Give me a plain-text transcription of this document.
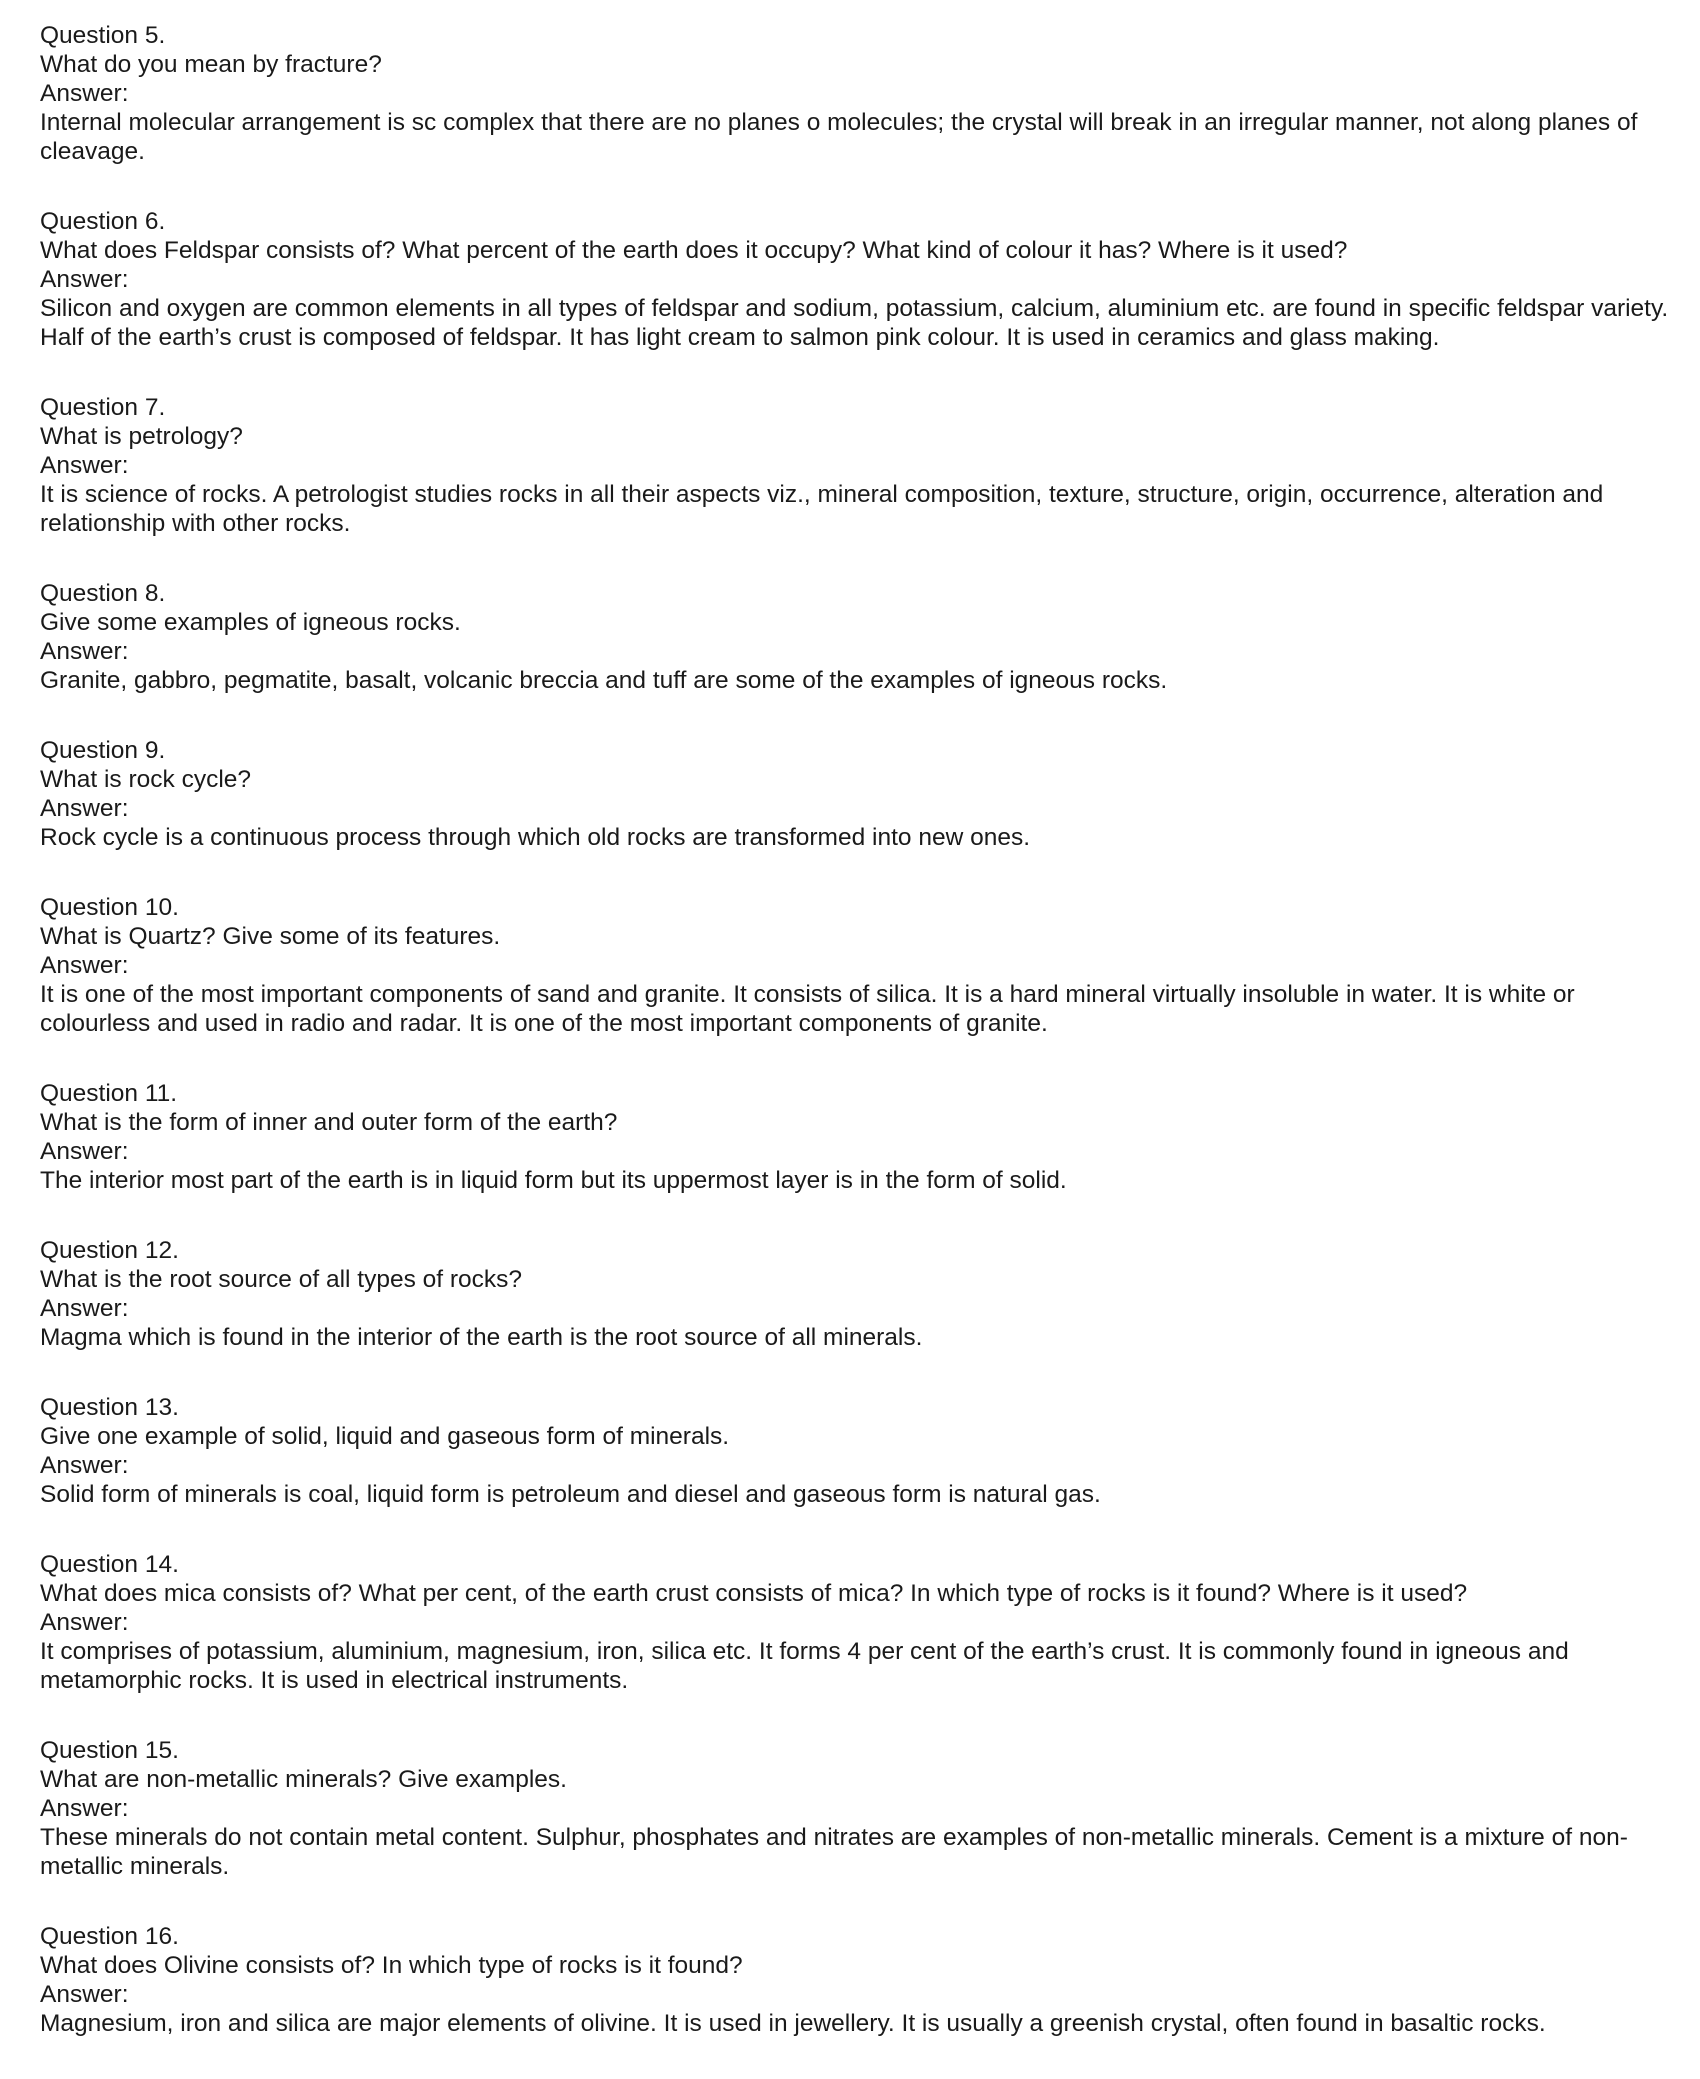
Question 5.

What do you mean by fracture?

Answer:

Internal molecular arrangement is sc complex that there are no planes o molecules; the crystal will break in an irregular manner, not along planes of cleavage.

Question 6.

What does Feldspar consists of? What percent of the earth does it occupy? What kind of colour it has? Where is it used?

Answer:

Silicon and oxygen are common elements in all types of feldspar and sodium, potassium, calcium, aluminium etc. are found in specific feldspar variety. Half of the earth’s crust is composed of feldspar. It has light cream to salmon pink colour. It is used in ceramics and glass making.

Question 7.

What is petrology?

Answer:

It is science of rocks. A petrologist studies rocks in all their aspects viz., mineral composition, texture, structure, origin, occurrence, alteration and relationship with other rocks.

Question 8.

Give some examples of igneous rocks.

Answer:

Granite, gabbro, pegmatite, basalt, volcanic breccia and tuff are some of the examples of igneous rocks.

Question 9.

What is rock cycle?

Answer:

Rock cycle is a continuous process through which old rocks are transformed into new ones.

Question 10.

What is Quartz? Give some of its features.

Answer:

It is one of the most important components of sand and granite. It consists of silica. It is a hard mineral virtually insoluble in water. It is white or colourless and used in radio and radar. It is one of the most important components of granite.

Question 11.

What is the form of inner and outer form of the earth?

Answer:

The interior most part of the earth is in liquid form but its uppermost layer is in the form of solid.

Question 12.

What is the root source of all types of rocks?

Answer:

Magma which is found in the interior of the earth is the root source of all minerals.

Question 13.

Give one example of solid, liquid and gaseous form of minerals.

Answer:

Solid form of minerals is coal, liquid form is petroleum and diesel and gaseous form is natural gas.

Question 14.

What does mica consists of? What per cent, of the earth crust consists of mica? In which type of rocks is it found? Where is it used?

Answer:

It comprises of potassium, aluminium, magnesium, iron, silica etc. It forms 4 per cent of the earth’s crust. It is commonly found in igneous and metamorphic rocks. It is used in electrical instruments.

Question 15.

What are non-metallic minerals? Give examples.

Answer:

These minerals do not contain metal content. Sulphur, phosphates and nitrates are examples of non-metallic minerals. Cement is a mixture of non- metallic minerals.

Question 16.

What does Olivine consists of? In which type of rocks is it found?

Answer:

Magnesium, iron and silica are major elements of olivine. It is used in jewellery. It is usually a greenish crystal, often found in basaltic rocks.
